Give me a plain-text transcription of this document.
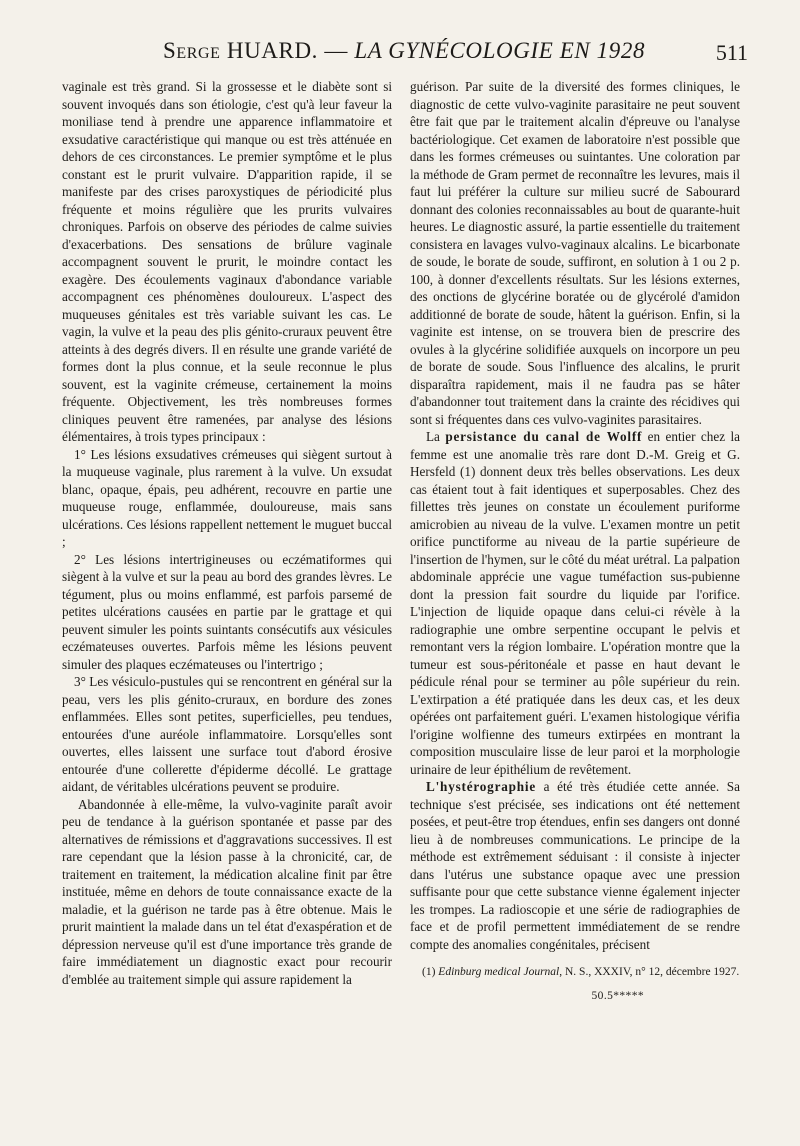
Serge HUARD. — LA GYNÉCOLOGIE EN 1928	511

vaginale est très grand. Si la grossesse et le diabète sont si souvent invoqués dans son étiologie, c'est qu'à leur faveur la moniliase tend à prendre une apparence inflammatoire et exsudative caractéristique qui manque ou est très atténuée en dehors de ces circonstances. Le premier symptôme et le plus constant est le prurit vulvaire. D'apparition rapide, il se manifeste par des crises paroxystiques de périodicité plus fréquente et moins régulière que les prurits vulvaires chroniques. Parfois on observe des périodes de calme suivies d'exacerbations. Des sensations de brûlure vaginale accompagnent souvent le prurit, le moindre contact les exagère. Des écoulements vaginaux d'abondance variable accompagnent ces phénomènes douloureux. L'aspect des muqueuses génitales est très variable suivant les cas. Le vagin, la vulve et la peau des plis génito-cruraux peuvent être atteints à des degrés divers. Il en résulte une grande variété de formes dont la plus connue, et la seule reconnue le plus souvent, est la vaginite crémeuse, certainement la moins fréquente. Objectivement, les très nombreuses formes cliniques peuvent être ramenées, par analyse des lésions élémentaires, à trois types principaux :

1° Les lésions exsudatives crémeuses qui siègent surtout à la muqueuse vaginale, plus rarement à la vulve. Un exsudat blanc, opaque, épais, peu adhérent, recouvre en partie une muqueuse rouge, enflammée, douloureuse, mais sans ulcérations. Ces lésions rappellent nettement le muguet buccal ;

2° Les lésions intertrigineuses ou eczématiformes qui siègent à la vulve et sur la peau au bord des grandes lèvres. Le tégument, plus ou moins enflammé, est parfois parsemé de petites ulcérations causées en partie par le grattage et qui peuvent simuler les points suintants consécutifs aux vésicules eczémateuses ouvertes. Parfois même les lésions peuvent simuler des plaques eczémateuses ou l'intertrigo ;

3° Les vésiculo-pustules qui se rencontrent en général sur la peau, vers les plis génito-cruraux, en bordure des zones enflammées. Elles sont petites, superficielles, peu tendues, entourées d'une auréole inflammatoire. Lorsqu'elles sont ouvertes, elles laissent une surface tout d'abord érosive entourée d'une collerette d'épiderme décollé. Le grattage aidant, de véritables ulcérations peuvent se produire.

Abandonnée à elle-même, la vulvo-vaginite paraît avoir peu de tendance à la guérison spontanée et passe par des alternatives de rémissions et d'aggravations successives. Il est rare cependant que la lésion passe à la chronicité, car, de traitement en traitement, la médication alcaline finit par être instituée, même en dehors de toute connaissance exacte de la maladie, et la guérison ne tarde pas à être obtenue. Mais le prurit maintient la malade dans un tel état d'exaspération et de dépression nerveuse qu'il est d'une importance très grande de faire immédiatement un diagnostic exact pour recourir d'emblée au traitement simple qui assure rapidement la

guérison. Par suite de la diversité des formes cliniques, le diagnostic de cette vulvo-vaginite parasitaire ne peut souvent être fait que par le traitement alcalin d'épreuve ou l'analyse bactériologique. Cet examen de laboratoire n'est possible que dans les formes crémeuses ou suintantes. Une coloration par la méthode de Gram permet de reconnaître les levures, mais il faut lui préférer la culture sur milieu sucré de Sabourard donnant des colonies reconnaissables au bout de quarante-huit heures. Le diagnostic assuré, la partie essentielle du traitement consistera en lavages vulvo-vaginaux alcalins. Le bicarbonate de soude, le borate de soude, suffiront, en solution à 1 ou 2 p. 100, à donner d'excellents résultats. Sur les lésions externes, des onctions de glycérine boratée ou de glycérolé d'amidon additionné de borate de soude, hâtent la guérison. Enfin, si la vaginite est intense, on se trouvera bien de prescrire des ovules à la glycérine solidifiée auxquels on incorpore un peu de borate de soude. Sous l'influence des alcalins, le prurit disparaîtra rapidement, mais il ne faudra pas se hâter d'abandonner tout traitement dans la crainte des récidives qui sont si fréquentes dans ces vulvo-vaginites parasitaires.

La persistance du canal de Wolff en entier chez la femme est une anomalie très rare dont D.-M. Greig et G. Hersfeld (1) donnent deux très belles observations. Les deux cas étaient tout à fait identiques et superposables. Chez des fillettes très jeunes on constate un écoulement puriforme amicrobien au niveau de la vulve. L'examen montre un petit orifice punctiforme au niveau de la partie supérieure de l'insertion de l'hymen, sur le côté du méat urétral. La palpation abdominale apprécie une vague tuméfaction sus-pubienne dont la pression fait sourdre du liquide par l'orifice. L'injection de liquide opaque dans celui-ci révèle à la radiographie une ombre serpentine occupant le pelvis et remontant vers la région lombaire. L'opération montre que la tumeur est sous-péritonéale et passe en haut devant le pédicule rénal pour se terminer au pôle supérieur du rein. L'extirpation a été pratiquée dans les deux cas, et les deux opérées ont parfaitement guéri. L'examen histologique vérifia l'origine wolfienne des tumeurs extirpées en montrant la composition musculaire lisse de leur paroi et la morphologie urinaire de leur épithélium de revêtement.

L'hystérographie a été très étudiée cette année. Sa technique s'est précisée, ses indications ont été nettement posées, et peut-être trop étendues, enfin ses dangers ont donné lieu à de nombreuses communications. Le principe de la méthode est extrêmement séduisant : il consiste à injecter dans l'utérus une substance opaque avec une pression suffisante pour que cette substance vienne également injecter les trompes. La radioscopie et une série de radiographies de face et de profil permettent immédiatement de se rendre compte des anomalies congénitales, précisent

(1) Edinburg medical Journal, N. S., XXXIV, n° 12, décembre 1927.
50.5*****
